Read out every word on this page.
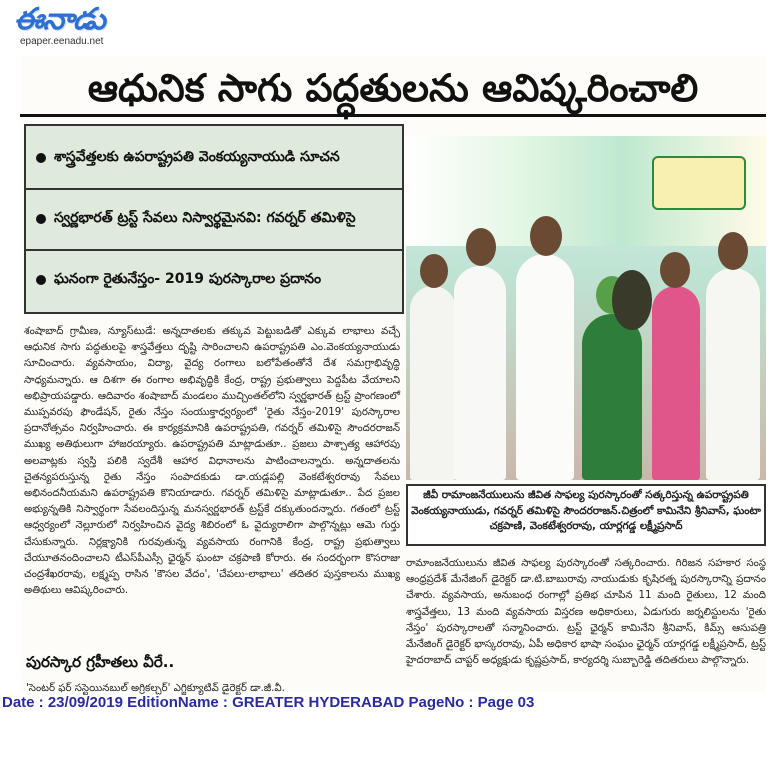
ఈనాడు
epaper.eenadu.net
ఆధునిక సాగు పద్ధతులను ఆవిష్కరించాలి
శాస్త్రవేత్తలకు ఉపరాష్ట్రపతి వెంకయ్యనాయుడి సూచన
స్వర్ణభారత్ ట్రస్ట్ సేవలు నిస్వార్థమైనవి: గవర్నర్ తమిళిసై
ఘనంగా రైతునేస్తం- 2019 పురస్కారాల ప్రదానం

శంషాబాద్ గ్రామీణ, న్యూస్‌టుడే: అన్నదాతలకు తక్కువ పెట్టుబడితో ఎక్కువ లాభాలు వచ్చే ఆధునిక సాగు పద్ధతులపై శాస్త్రవేత్తలు దృష్టి సారించాలని ఉపరాష్ట్రపతి ఎం.వెంకయ్యనాయుడు సూచించారు. వ్యవసాయం, విద్యా, వైద్య రంగాలు బలోపేతంతోనే దేశ సమగ్రాభివృద్ధి సాధ్యమన్నారు. ఆ దిశగా ఈ రంగాల అభివృద్ధికి కేంద్ర, రాష్ట్ర ప్రభుత్వాలు పెద్దపీట వేయాలని అభిప్రాయపడ్డారు. ఆదివారం శంషాబాద్ మండలం ముచ్చింతల్‌లోని స్వర్ణభారత్ ట్రస్ట్ ప్రాంగణంలో ముప్పవరపు ఫౌండేషన్, రైతు నేస్తం సంయుక్తాధ్వర్యంలో 'రైతు నేస్తం-2019' పురస్కారాల ప్రదానోత్సవం నిర్వహించారు. ఈ కార్యక్రమానికి ఉపరాష్ట్రపతి, గవర్నర్ తమిళిసై సౌందరరాజన్ ముఖ్య అతిథులుగా హాజరయ్యారు. ఉపరాష్ట్రపతి మాట్లాడుతూ.. ప్రజలు పాశ్చాత్య ఆహారపు అలవాట్లకు స్వస్తి పలికి స్వదేశీ ఆహార విధానాలను పాటించాలన్నారు. అన్నదాతలను చైతన్యపరుస్తున్న రైతు నేస్తం సంపాదకుడు డా.యడ్లపల్లి వెంకటేశ్వరరావు సేవలు అభినందనీయమని ఉపరాష్ట్రపతి కొనియాడారు. గవర్నర్ తమిళిసై మాట్లాడుతూ.. పేద ప్రజల అభ్యున్నతికి నిస్వార్థంగా సేవలందిస్తున్న మనస్వర్ణభారత్ ట్రస్ట్‌కే దక్కుతుందన్నారు. గతంలో ట్రస్ట్ ఆధ్వర్యంలో నెల్లూరులో నిర్వహించిన వైద్య శిబిరంలో ఓ వైద్యురాలిగా పాల్గొన్నట్లు ఆమె గుర్తు చేసుకున్నారు. నిర్లక్ష్యానికి గురవుతున్న వ్యవసాయ రంగానికి కేంద్ర, రాష్ట్ర ప్రభుత్వాలు చేయూతనందించాలని టీఎస్‌పీఎస్సీ ఛైర్మన్ ఘంటా చక్రపాణి కోరారు. ఈ సందర్భంగా కొసరాజు చంద్రశేఖరరావు, లక్ష్మప్ప రాసిన 'కౌసల వేదం', 'చేపలు-లాభాలు' తదితర పుస్తకాలను ముఖ్య అతిథులు ఆవిష్కరించారు.

పురస్కార గ్రహీతలు వీరే..
'సెంటర్ ఫర్ సస్టెయినబుల్ అగ్రికల్చర్' ఎగ్జిక్యూటివ్ డైరెక్టర్ డా.జీ.వీ.
జీవీ రామాంజనేయులును జీవిత సాఫల్య పురస్కారంతో సత్కరిస్తున్న ఉపరాష్ట్రపతి వెంకయ్యనాయుడు, గవర్నర్ తమిళిసై సౌందరరాజన్.చిత్రంలో కామినేని శ్రీనివాస్, ఘంటా చక్రపాణి, వెంకటేశ్వరరావు, యార్లగడ్డ లక్ష్మీప్రసాద్

రామాంజనేయులును జీవిత సాఫల్య పురస్కారంతో సత్కరించారు. గిరిజన సహకార సంస్థ ఆంధ్రప్రదేశ్ మేనేజింగ్ డైరెక్టర్ డా.టి.బాబురావు నాయుడుకు కృషిరత్న పురస్కారాన్ని ప్రదానం చేశారు. వ్యవసాయ, అనుబంధ రంగాల్లో ప్రతిభ చూపిన 11 మంది రైతులు, 12 మంది శాస్త్రవేత్తలు, 13 మంది వ్యవసాయ విస్తరణ అధికారులు, ఏడుగురు జర్నలిస్టులను 'రైతు నేస్తం' పురస్కారాలతో సన్మానించారు. ట్రస్ట్ ఛైర్మన్ కామినేని శ్రీనివాస్, కిమ్స్ ఆసుపత్రి మేనేజింగ్ డైరెక్టర్ భాస్కరరావు, ఏపీ అధికార భాషా సంఘం ఛైర్మన్ యార్లగడ్డ లక్ష్మీప్రసాద్, ట్రస్ట్ హైదరాబాద్ చాప్టర్ అధ్యక్షుడు కృష్ణప్రసాద్, కార్యదర్శి సుబ్బారెడ్డి తదితరులు పాల్గొన్నారు.

Date : 23/09/2019 EditionName : GREATER HYDERABAD PageNo : Page 03
